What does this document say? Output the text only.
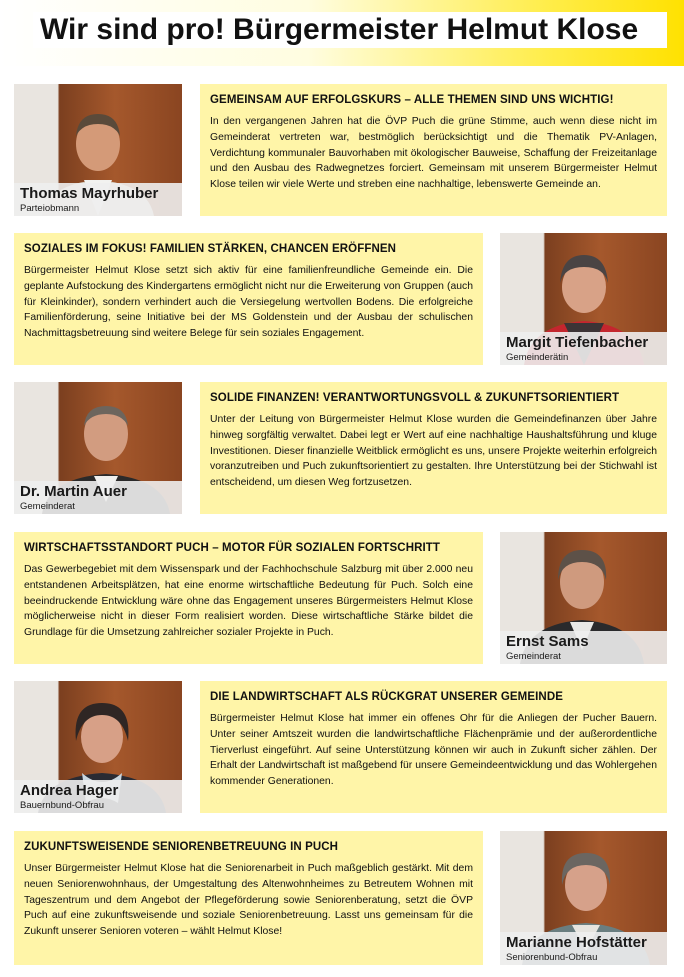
Wir sind pro! Bürgermeister Helmut Klose
Thomas Mayrhuber
Parteiobmann
GEMEINSAM AUF ERFOLGSKURS – ALLE THEMEN SIND UNS WICHTIG!

In den vergangenen Jahren hat die ÖVP Puch die grüne Stimme, auch wenn diese nicht im Gemeinderat vertreten war, bestmöglich berücksichtigt und die Thematik PV-Anlagen, Verdichtung kommunaler Bauvorhaben mit ökologischer Bauweise, Schaffung der Freizeitanlage und den Ausbau des Radwegnetzes forciert. Gemeinsam mit unserem Bürgermeister Helmut Klose teilen wir viele Werte und streben eine nachhaltige, lebenswerte Gemeinde an.

SOZIALES IM FOKUS! FAMILIEN STÄRKEN, CHANCEN ERÖFFNEN

Bürgermeister Helmut Klose setzt sich aktiv für eine familienfreundliche Gemeinde ein. Die geplante Aufstockung des Kindergartens ermöglicht nicht nur die Erweiterung von Gruppen (auch für Kleinkinder), sondern verhindert auch die Versiegelung wertvollen Bodens. Die erfolgreiche Familienförderung, seine Initiative bei der MS Goldenstein und der Ausbau der schulischen Nachmittagsbetreuung sind weitere Belege für sein soziales Engagement.

Margit Tiefenbacher
Gemeinderätin
Dr. Martin Auer
Gemeinderat
SOLIDE FINANZEN! VERANTWORTUNGSVOLL & ZUKUNFTSORIENTIERT

Unter der Leitung von Bürgermeister Helmut Klose wurden die Gemeindefinanzen über Jahre hinweg sorgfältig verwaltet. Dabei legt er Wert auf eine nachhaltige Haushaltsführung und kluge Investitionen. Dieser finanzielle Weitblick ermöglicht es uns, unsere Projekte weiterhin erfolgreich voranzutreiben und Puch zukunftsorientiert zu gestalten. Ihre Unterstützung bei der Stichwahl ist entscheidend, um diesen Weg fortzusetzen.

WIRTSCHAFTSSTANDORT PUCH – MOTOR FÜR SOZIALEN FORTSCHRITT

Das Gewerbegebiet mit dem Wissenspark und der Fachhochschule Salzburg mit über 2.000 neu entstandenen Arbeitsplätzen, hat eine enorme wirtschaftliche Bedeutung für Puch. Solch eine beeindruckende Entwicklung wäre ohne das Engagement unseres Bürgermeisters Helmut Klose möglicherweise nicht in dieser Form realisiert worden. Diese wirtschaftliche Stärke bildet die Grundlage für die Umsetzung zahlreicher sozialer Projekte in Puch.

Ernst Sams
Gemeinderat
Andrea Hager
Bauernbund-Obfrau
DIE LANDWIRTSCHAFT ALS RÜCKGRAT UNSERER GEMEINDE

Bürgermeister Helmut Klose hat immer ein offenes Ohr für die Anliegen der Pucher Bauern. Unter seiner Amtszeit wurden die landwirtschaftliche Flächenprämie und der außerordentliche Tierverlust eingeführt. Auf seine Unterstützung können wir auch in Zukunft sicher zählen. Der Erhalt der Landwirtschaft ist maßgebend für unsere Gemeindeentwicklung und das Wohlergehen kommender Generationen.

ZUKUNFTSWEISENDE SENIORENBETREUUNG IN PUCH

Unser Bürgermeister Helmut Klose hat die Seniorenarbeit in Puch maßgeblich gestärkt. Mit dem neuen Seniorenwohnhaus, der Umgestaltung des Altenwohnheimes zu Betreutem Wohnen mit Tageszentrum und dem Angebot der Pflegeförderung sowie Seniorenberatung, setzt die ÖVP Puch auf eine zukunftsweisende und soziale Seniorenbetreuung. Lasst uns gemeinsam für die Zukunft unserer Senioren voteren – wählt Helmut Klose!

Marianne Hofstätter
Seniorenbund-Obfrau
